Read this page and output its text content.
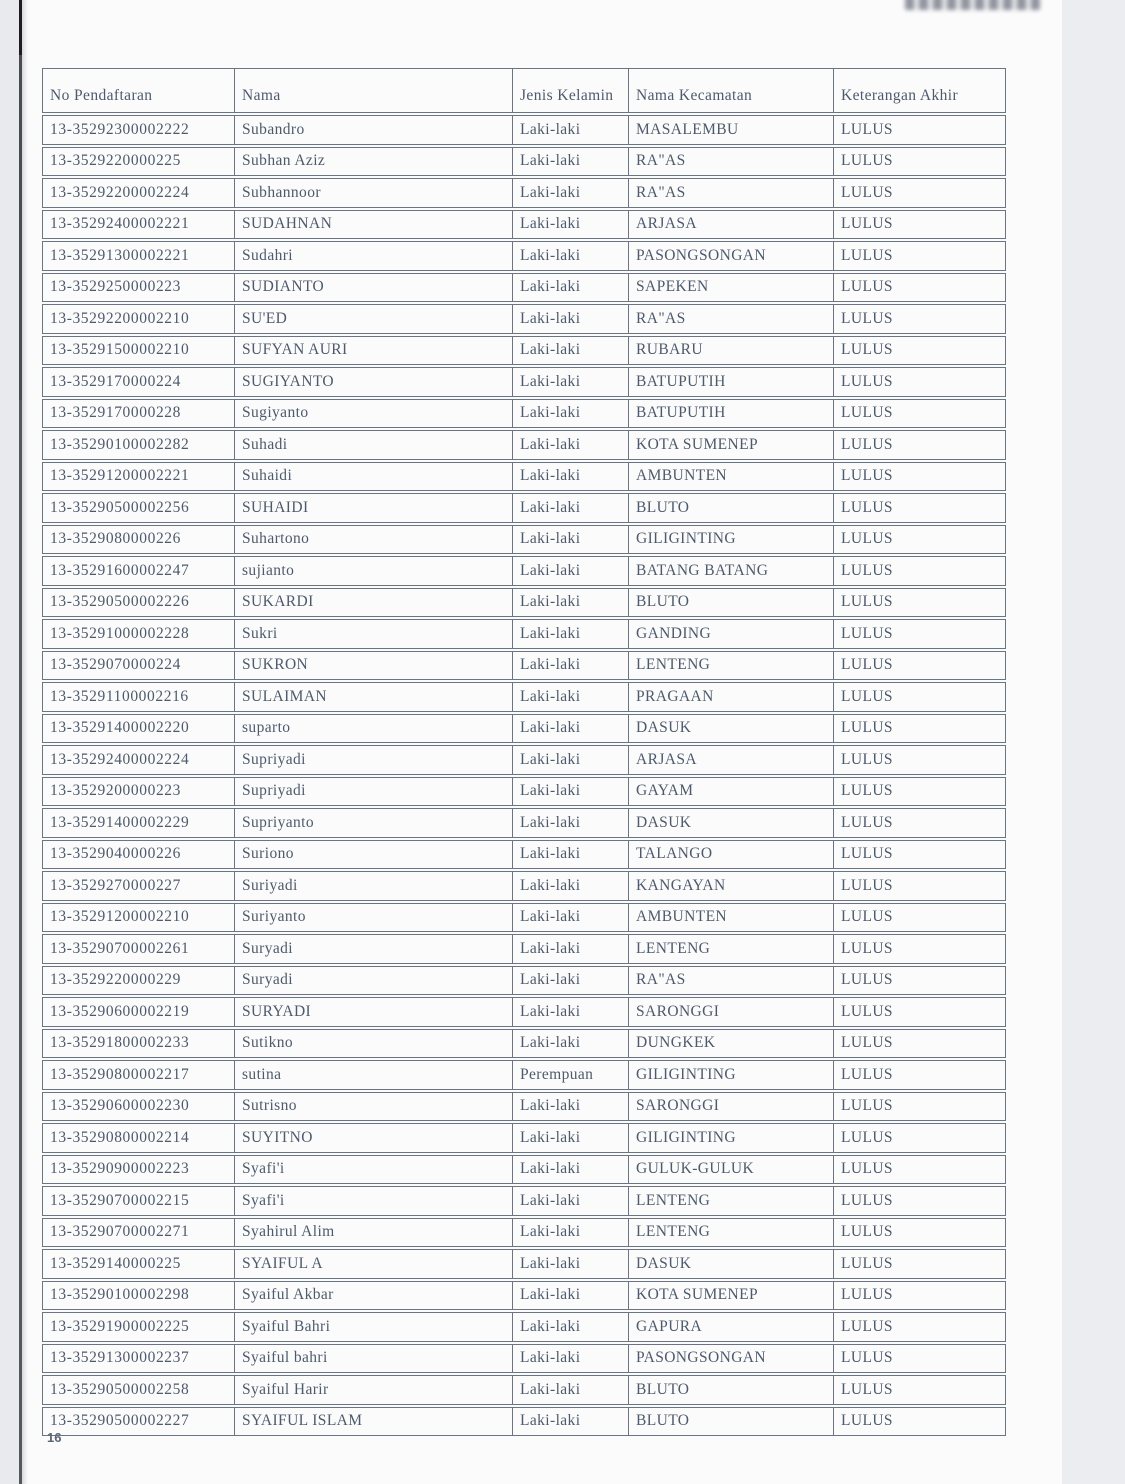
No Pendaftaran	Nama	Jenis Kelamin	Nama Kecamatan	Keterangan Akhir
13-35292300002222	Subandro	Laki-laki	MASALEMBU	LULUS
13-3529220000225	Subhan Aziz	Laki-laki	RA"AS	LULUS
13-35292200002224	Subhannoor	Laki-laki	RA"AS	LULUS
13-35292400002221	SUDAHNAN	Laki-laki	ARJASA	LULUS
13-35291300002221	Sudahri	Laki-laki	PASONGSONGAN	LULUS
13-3529250000223	SUDIANTO	Laki-laki	SAPEKEN	LULUS
13-35292200002210	SU'ED	Laki-laki	RA"AS	LULUS
13-35291500002210	SUFYAN AURI	Laki-laki	RUBARU	LULUS
13-3529170000224	SUGIYANTO	Laki-laki	BATUPUTIH	LULUS
13-3529170000228	Sugiyanto	Laki-laki	BATUPUTIH	LULUS
13-35290100002282	Suhadi	Laki-laki	KOTA SUMENEP	LULUS
13-35291200002221	Suhaidi	Laki-laki	AMBUNTEN	LULUS
13-35290500002256	SUHAIDI	Laki-laki	BLUTO	LULUS
13-3529080000226	Suhartono	Laki-laki	GILIGINTING	LULUS
13-35291600002247	sujianto	Laki-laki	BATANG BATANG	LULUS
13-35290500002226	SUKARDI	Laki-laki	BLUTO	LULUS
13-35291000002228	Sukri	Laki-laki	GANDING	LULUS
13-3529070000224	SUKRON	Laki-laki	LENTENG	LULUS
13-35291100002216	SULAIMAN	Laki-laki	PRAGAAN	LULUS
13-35291400002220	suparto	Laki-laki	DASUK	LULUS
13-35292400002224	Supriyadi	Laki-laki	ARJASA	LULUS
13-3529200000223	Supriyadi	Laki-laki	GAYAM	LULUS
13-35291400002229	Supriyanto	Laki-laki	DASUK	LULUS
13-3529040000226	Suriono	Laki-laki	TALANGO	LULUS
13-3529270000227	Suriyadi	Laki-laki	KANGAYAN	LULUS
13-35291200002210	Suriyanto	Laki-laki	AMBUNTEN	LULUS
13-35290700002261	Suryadi	Laki-laki	LENTENG	LULUS
13-3529220000229	Suryadi	Laki-laki	RA"AS	LULUS
13-35290600002219	SURYADI	Laki-laki	SARONGGI	LULUS
13-35291800002233	Sutikno	Laki-laki	DUNGKEK	LULUS
13-35290800002217	sutina	Perempuan	GILIGINTING	LULUS
13-35290600002230	Sutrisno	Laki-laki	SARONGGI	LULUS
13-35290800002214	SUYITNO	Laki-laki	GILIGINTING	LULUS
13-35290900002223	Syafi'i	Laki-laki	GULUK-GULUK	LULUS
13-35290700002215	Syafi'i	Laki-laki	LENTENG	LULUS
13-35290700002271	Syahirul Alim	Laki-laki	LENTENG	LULUS
13-3529140000225	SYAIFUL A	Laki-laki	DASUK	LULUS
13-35290100002298	Syaiful Akbar	Laki-laki	KOTA SUMENEP	LULUS
13-35291900002225	Syaiful Bahri	Laki-laki	GAPURA	LULUS
13-35291300002237	Syaiful bahri	Laki-laki	PASONGSONGAN	LULUS
13-35290500002258	Syaiful Harir	Laki-laki	BLUTO	LULUS
13-35290500002227	SYAIFUL ISLAM	Laki-laki	BLUTO	LULUS
16
